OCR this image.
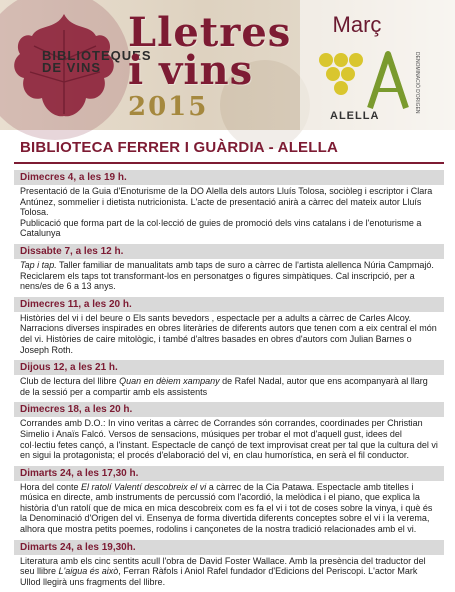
BIBLIOTEQUES DE VINS
Lletres
i vins
2015
Març
DENOMINACIÓ D'ORIGEN
ALELLA
BIBLIOTECA FERRER I GUÀRDIA - ALELLA
Dimecres 4, a les 19 h.

Presentació de la Guia d'Enoturisme de la DO Alella dels autors Lluís Tolosa, sociòleg i escriptor i Clara Antúnez, sommelier i dietista nutricionista. L'acte de presentació anirà a càrrec del mateix autor Lluís Tolosa.

Publicació que forma part de la col·lecció de guies de promoció dels vins catalans i de l'enoturisme a Catalunya

Dissabte 7, a les 12 h.

Tap i tap. Taller familiar de manualitats amb taps de suro a càrrec de l'artista alellenca Núria Campmajó.

Reciclarem els taps tot transformant-los en personatges o figures simpàtiques. Cal inscripció, per a nens/es de 6 a 13 anys.

Dimecres 11, a les 20 h.

Històries del vi i del beure o Els sants bevedors , espectacle per a adults a càrrec de Carles Alcoy. Narracions diverses inspirades en obres literàries de diferents autors que tenen com a eix central el món del vi. Històries de caire mitològic, i també d'altres basades en obres d'autors com Julian Barnes o Joseph Roth.

Dijous 12, a les 21 h.

Club de lectura del llibre Quan en dèiem xampany de Rafel Nadal, autor que ens acompanyarà al llarg de la sessió per a compartir amb els assistents

Dimecres 18, a les 20 h.

Corrandes amb D.O.: In vino veritas a càrrec de Corrandes són corrandes, coordinades per Christian Simelio i Anaïs Falcó. Versos de sensacions, músiques per trobar el mot d'aquell gust, idees del col·lectiu fetes cançó, a l'instant. Espectacle de cançó de text improvisat creat per tal que la cultura del vi en sigui la protagonista; el procés d'elaboració del vi, en clau humorística, en serà el fil conductor.

Dimarts 24, a les 17,30 h.

Hora del conte El ratolí Valentí descobreix el vi a càrrec de la Cia Patawa. Espectacle amb titelles i música en directe, amb instruments de percussió com l'acordió, la melòdica i el piano, que explica la història d'un ratolí que de mica en mica descobreix com es fa el vi i tot de coses sobre la vinya, i què és la Denominació d'Origen del vi. Ensenya de forma divertida diferents conceptes sobre el vi i la verema, alhora que mostra petits poemes, rodolins i cançonetes de la nostra tradició relacionades amb el vi.

Dimarts 24, a les 19,30h.

Literatura amb els cinc sentits acull l'obra de David Foster Wallace. Amb la presència del traductor del seu llibre L'aigua és això, Ferran Ràfols i Aniol Rafel fundador d'Edicions del Periscopi. L'actor Mark Ullod llegirà uns fragments del llibre.
